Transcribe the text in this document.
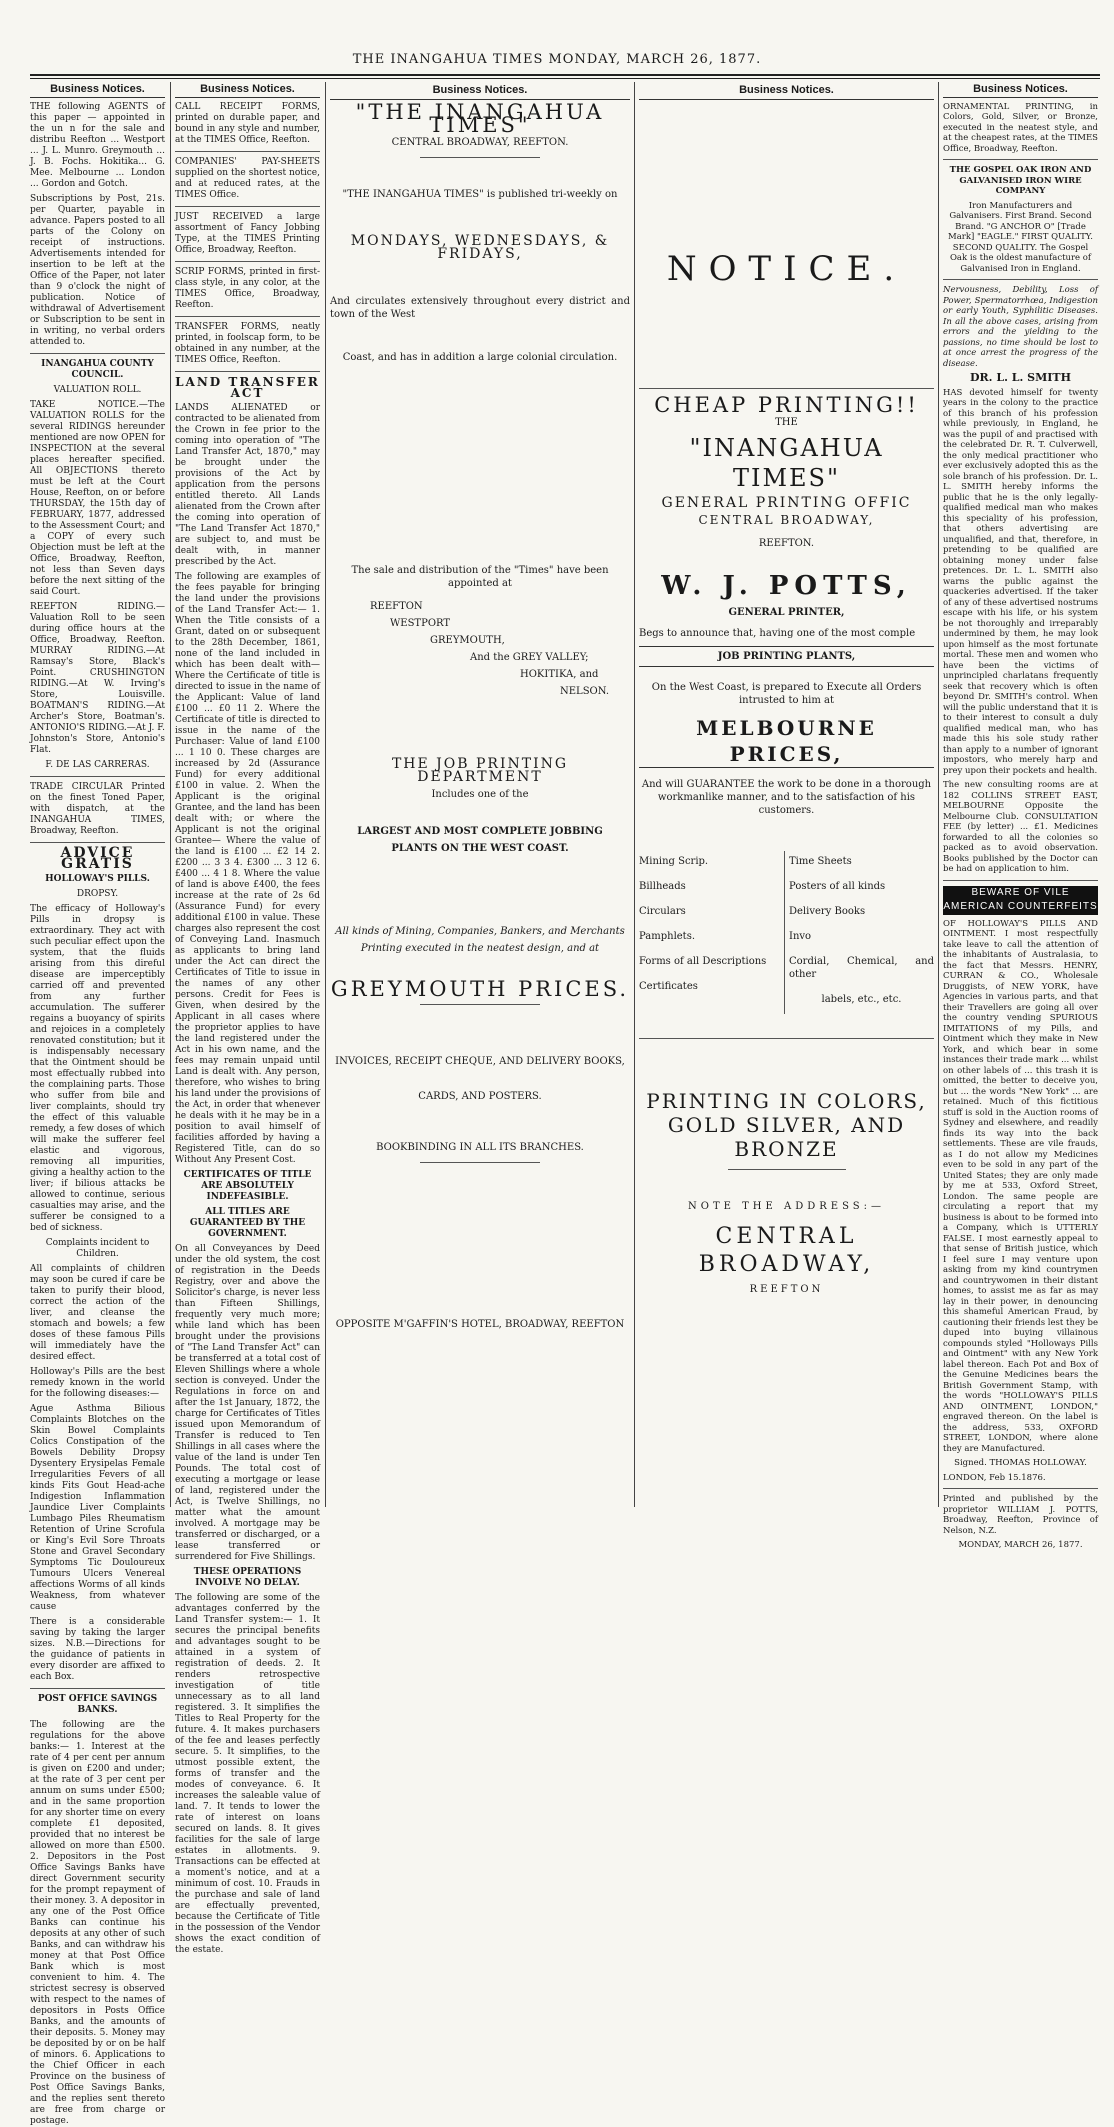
THE INANGAHUA TIMES MONDAY, MARCH 26, 1877.
Business Notices.

THE following AGENTS of this paper — appointed in the un n for the sale and distribu Reefton ... Westport ... J. L. Munro. Greymouth ... J. B. Fochs. Hokitika... G. Mee. Melbourne ... London ... Gordon and Gotch.

Subscriptions by Post, 21s. per Quarter, payable in advance. Papers posted to all parts of the Colony on receipt of instructions. Advertisements intended for insertion to be left at the Office of the Paper, not later than 9 o'clock the night of publication. Notice of withdrawal of Advertisement or Subscription to be sent in in writing, no verbal orders attended to.

INANGAHUA COUNTY COUNCIL.

VALUATION ROLL.

TAKE NOTICE.—The VALUATION ROLLS for the several RIDINGS hereunder mentioned are now OPEN for INSPECTION at the several places hereafter specified. All OBJECTIONS thereto must be left at the Court House, Reefton, on or before THURSDAY, the 15th day of FEBRUARY, 1877, addressed to the Assessment Court; and a COPY of every such Objection must be left at the Office, Broadway, Reefton, not less than Seven days before the next sitting of the said Court.

REEFTON RIDING.—Valuation Roll to be seen during office hours at the Office, Broadway, Reefton. MURRAY RIDING.—At Ramsay's Store, Black's Point. CRUSHINGTON RIDING.—At W. Irving's Store, Louisville. BOATMAN'S RIDING.—At Archer's Store, Boatman's. ANTONIO'S RIDING.—At J. F. Johnston's Store, Antonio's Flat.

F. DE LAS CARRERAS.

TRADE CIRCULAR Printed on the finest Toned Paper, with dispatch, at the INANGAHUA TIMES, Broadway, Reefton.

ADVICE GRATIS

HOLLOWAY'S PILLS.

DROPSY.

The efficacy of Holloway's Pills in dropsy is extraordinary. They act with such peculiar effect upon the system, that the fluids arising from this direful disease are imperceptibly carried off and prevented from any further accumulation. The sufferer regains a buoyancy of spirits and rejoices in a completely renovated constitution; but it is indispensably necessary that the Ointment should be most effectually rubbed into the complaining parts. Those who suffer from bile and liver complaints, should try the effect of this valuable remedy, a few doses of which will make the sufferer feel elastic and vigorous, removing all impurities, giving a healthy action to the liver; if bilious attacks be allowed to continue, serious casualties may arise, and the sufferer be consigned to a bed of sickness.

Complaints incident to Children.

All complaints of children may soon be cured if care be taken to purify their blood, correct the action of the liver, and cleanse the stomach and bowels; a few doses of these famous Pills will immediately have the desired effect.

Holloway's Pills are the best remedy known in the world for the following diseases:—

Ague Asthma Bilious Complaints Blotches on the Skin Bowel Complaints Colics Constipation of the Bowels Debility Dropsy Dysentery Erysipelas Female Irregularities Fevers of all kinds Fits Gout Head-ache Indigestion Inflammation Jaundice Liver Complaints Lumbago Piles Rheumatism Retention of Urine Scrofula or King's Evil Sore Throats Stone and Gravel Secondary Symptoms Tic Douloureux Tumours Ulcers Venereal affections Worms of all kinds Weakness, from whatever cause

There is a considerable saving by taking the larger sizes. N.B.—Directions for the guidance of patients in every disorder are affixed to each Box.

POST OFFICE SAVINGS BANKS.

The following are the regulations for the above banks:— 1. Interest at the rate of 4 per cent per annum is given on £200 and under; at the rate of 3 per cent per annum on sums under £500; and in the same proportion for any shorter time on every complete £1 deposited, provided that no interest be allowed on more than £500. 2. Depositors in the Post Office Savings Banks have direct Government security for the prompt repayment of their money. 3. A depositor in any one of the Post Office Banks can continue his deposits at any other of such Banks, and can withdraw his money at that Post Office Bank which is most convenient to him. 4. The strictest secresy is observed with respect to the names of depositors in Posts Office Banks, and the amounts of their deposits. 5. Money may be deposited by or on be half of minors. 6. Applications to the Chief Officer in each Province on the business of Post Office Savings Banks, and the replies sent thereto are free from charge or postage.

Business Notices.

CALL RECEIPT FORMS, printed on durable paper, and bound in any style and number, at the TIMES Office, Reefton.

COMPANIES' PAY-SHEETS supplied on the shortest notice, and at reduced rates, at the TIMES Office.

JUST RECEIVED a large assortment of Fancy Jobbing Type, at the TIMES Printing Office, Broadway, Reefton.

SCRIP FORMS, printed in first-class style, in any color, at the TIMES Office, Broadway, Reefton.

TRANSFER FORMS, neatly printed, in foolscap form, to be obtained in any number, at the TIMES Office, Reefton.

LAND TRANSFER ACT

LANDS ALIENATED or contracted to be alienated from the Crown in fee prior to the coming into operation of "The Land Transfer Act, 1870," may be brought under the provisions of the Act by application from the persons entitled thereto. All Lands alienated from the Crown after the coming into operation of "The Land Transfer Act 1870," are subject to, and must be dealt with, in manner prescribed by the Act.

The following are examples of the fees payable for bringing the land under the provisions of the Land Transfer Act:— 1. When the Title consists of a Grant, dated on or subsequent to the 28th December, 1861, none of the land included in which has been dealt with— Where the Certificate of title is directed to issue in the name of the Applicant: Value of land £100 ... £0 11 2. Where the Certificate of title is directed to issue in the name of the Purchaser: Value of land £100 ... 1 10 0. These charges are increased by 2d (Assurance Fund) for every additional £100 in value. 2. When the Applicant is the original Grantee, and the land has been dealt with; or where the Applicant is not the original Grantee— Where the value of the land is £100 ... £2 14 2. £200 ... 3 3 4. £300 ... 3 12 6. £400 ... 4 1 8. Where the value of land is above £400, the fees increase at the rate of 2s 6d (Assurance Fund) for every additional £100 in value. These charges also represent the cost of Conveying Land. Inasmuch as applicants to bring land under the Act can direct the Certificates of Title to issue in the names of any other persons. Credit for Fees is Given, when desired by the Applicant in all cases where the proprietor applies to have the land registered under the Act in his own name, and the fees may remain unpaid until Land is dealt with. Any person, therefore, who wishes to bring his land under the provisions of the Act, in order that whenever he deals with it he may be in a position to avail himself of facilities afforded by having a Registered Title, can do so Without Any Present Cost.

CERTIFICATES OF TITLE ARE ABSOLUTELY INDEFEASIBLE.

ALL TITLES ARE GUARANTEED BY THE GOVERNMENT.

On all Conveyances by Deed under the old system, the cost of registration in the Deeds Registry, over and above the Solicitor's charge, is never less than Fifteen Shillings, frequently very much more; while land which has been brought under the provisions of "The Land Transfer Act" can be transferred at a total cost of Eleven Shillings where a whole section is conveyed. Under the Regulations in force on and after the 1st January, 1872, the charge for Certificates of Titles issued upon Memorandum of Transfer is reduced to Ten Shillings in all cases where the value of the land is under Ten Pounds. The total cost of executing a mortgage or lease of land, registered under the Act, is Twelve Shillings, no matter what the amount involved. A mortgage may be transferred or discharged, or a lease transferred or surrendered for Five Shillings.

THESE OPERATIONS INVOLVE NO DELAY.

The following are some of the advantages conferred by the Land Transfer system:— 1. It secures the principal benefits and advantages sought to be attained in a system of registration of deeds. 2. It renders retrospective investigation of title unnecessary as to all land registered. 3. It simplifies the Titles to Real Property for the future. 4. It makes purchasers of the fee and leases perfectly secure. 5. It simplifies, to the utmost possible extent, the forms of transfer and the modes of conveyance. 6. It increases the saleable value of land. 7. It tends to lower the rate of interest on loans secured on lands. 8. It gives facilities for the sale of large estates in allotments. 9. Transactions can be effected at a moment's notice, and at a minimum of cost. 10. Frauds in the purchase and sale of land are effectually prevented, because the Certificate of Title in the possession of the Vendor shows the exact condition of the estate.

Business Notices.

"THE INANGAHUA TIMES"

CENTRAL BROADWAY, REEFTON.

"THE INANGAHUA TIMES" is published tri-weekly on

MONDAYS, WEDNESDAYS, & FRIDAYS,

And circulates extensively throughout every district and town of the West

Coast, and has in addition a large colonial circulation.

The sale and distribution of the "Times" have been appointed at

REEFTON

WESTPORT

GREYMOUTH,

And the GREY VALLEY;

HOKITIKA, and

NELSON.

THE JOB PRINTING DEPARTMENT

Includes one of the

LARGEST AND MOST COMPLETE JOBBING

PLANTS ON THE WEST COAST.

All kinds of Mining, Companies, Bankers, and Merchants

Printing executed in the neatest design, and at

GREYMOUTH PRICES.

INVOICES, RECEIPT CHEQUE, AND DELIVERY BOOKS,

CARDS, AND POSTERS.

BOOKBINDING IN ALL ITS BRANCHES.

OPPOSITE M'GAFFIN'S HOTEL, BROADWAY, REEFTON

Business Notices.

NOTICE.

CHEAP PRINTING!!

THE

"INANGAHUA TIMES"

GENERAL PRINTING OFFIC

CENTRAL BROADWAY,

REEFTON.

W. J. POTTS,

GENERAL PRINTER,

Begs to announce that, having one of the most comple

JOB PRINTING PLANTS,

On the West Coast, is prepared to Execute all Orders intrusted to him at

MELBOURNE PRICES,

And will GUARANTEE the work to be done in a thorough workmanlike manner, and to the satisfaction of his customers.

Mining Scrip.

Billheads

Circulars

Pamphlets.

Forms of all Descriptions

Certificates

Time Sheets

Posters of all kinds

Delivery Books

Invo

Cordial, Chemical, and other

labels, etc., etc.

PRINTING IN COLORS, GOLD SILVER, AND BRONZE

NOTE THE ADDRESS:—

CENTRAL BROADWAY,

REEFTON

Business Notices.

ORNAMENTAL PRINTING, in Colors, Gold, Silver, or Bronze, executed in the neatest style, and at the cheapest rates, at the TIMES Office, Broadway, Reefton.

THE GOSPEL OAK IRON AND GALVANISED IRON WIRE COMPANY

Iron Manufacturers and Galvanisers. First Brand. Second Brand. "G ANCHOR O" [Trade Mark] "EAGLE." FIRST QUALITY. SECOND QUALITY. The Gospel Oak is the oldest manufacture of Galvanised Iron in England.

Nervousness, Debility, Loss of Power, Spermatorrhœa, Indigestion or early Youth, Syphilitic Diseases. In all the above cases, arising from errors and the yielding to the passions, no time should be lost to at once arrest the progress of the disease.

DR. L. L. SMITH

HAS devoted himself for twenty years in the colony to the practice of this branch of his profession while previously, in England, he was the pupil of and practised with the celebrated Dr. R. T. Culverwell, the only medical practitioner who ever exclusively adopted this as the sole branch of his profession. Dr. L. L. SMITH hereby informs the public that he is the only legally-qualified medical man who makes this speciality of his profession, that others advertising are unqualified, and that, therefore, in pretending to be qualified are obtaining money under false pretences. Dr. L. L. SMITH also warns the public against the quackeries advertised. If the taker of any of these advertised nostrums escape with his life, or his system be not thoroughly and irreparably undermined by them, he may look upon himself as the most fortunate mortal. These men and women who have been the victims of unprincipled charlatans frequently seek that recovery which is often beyond Dr. SMITH's control. When will the public understand that it is to their interest to consult a duly qualified medical man, who has made this his sole study rather than apply to a number of ignorant impostors, who merely harp and prey upon their pockets and health.

The new consulting rooms are at 182 COLLINS STREET EAST, MELBOURNE Opposite the Melbourne Club. CONSULTATION FEE (by letter) ... £1. Medicines forwarded to all the colonies so packed as to avoid observation. Books published by the Doctor can be had on application to him.

BEWARE OF VILE
AMERICAN COUNTERFEITS

OF HOLLOWAY'S PILLS AND OINTMENT. I most respectfully take leave to call the attention of the inhabitants of Australasia, to the fact that Messrs. HENRY, CURRAN & CO., Wholesale Druggists, of NEW YORK, have Agencies in various parts, and that their Travellers are going all over the country vending SPURIOUS IMITATIONS of my Pills, and Ointment which they make in New York, and which bear in some instances their trade mark ... whilst on other labels of ... this trash it is omitted, the better to deceive you, but ... the words "New York" ... are retained. Much of this fictitious stuff is sold in the Auction rooms of Sydney and elsewhere, and readily finds its way into the back settlements. These are vile frauds, as I do not allow my Medicines even to be sold in any part of the United States; they are only made by me at 533, Oxford Street, London. The same people are circulating a report that my business is about to be formed into a Company, which is UTTERLY FALSE. I most earnestly appeal to that sense of British justice, which I feel sure I may venture upon asking from my kind countrymen and countrywomen in their distant homes, to assist me as far as may lay in their power, in denouncing this shameful American Fraud, by cautioning their friends lest they be duped into buying villainous compounds styled "Holloways Pills and Ointment" with any New York label thereon. Each Pot and Box of the Genuine Medicines bears the British Government Stamp, with the words "HOLLOWAY'S PILLS AND OINTMENT, LONDON," engraved thereon. On the label is the address, 533, OXFORD STREET, LONDON, where alone they are Manufactured.

Signed. THOMAS HOLLOWAY.

LONDON, Feb 15.1876.

Printed and published by the proprietor WILLIAM J. POTTS, Broadway, Reefton, Province of Nelson, N.Z.

MONDAY, MARCH 26, 1877.
